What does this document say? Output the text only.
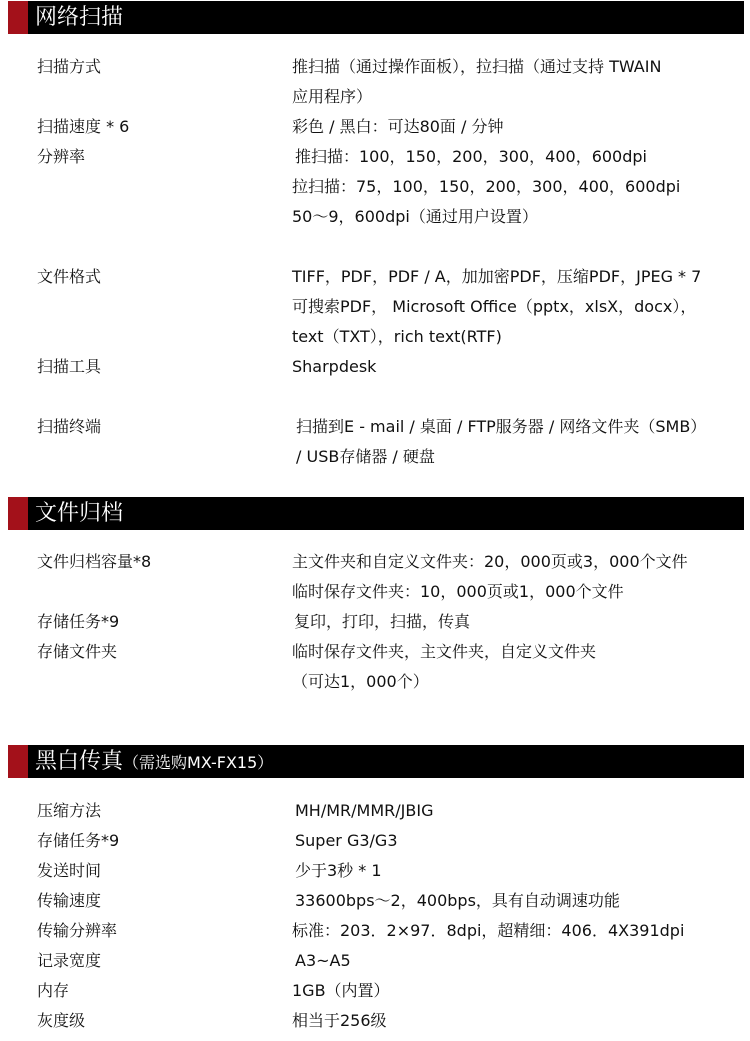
网络扫描
扫描方式	推扫描（通过操作面板），拉扫描（通过支持 TWAIN
应用程序）
扫描速度 * 6	彩色 / 黑白：可达80面 / 分钟
分辨率	推扫描：100，150，200，300，400，600dpi
拉扫描：75，100，150，200，300，400，600dpi
50～9，600dpi（通过用户设置）
文件格式	TIFF，PDF，PDF / A，加加密PDF，压缩PDF，JPEG * 7
可搜索PDF， Microsoft Office（pptx，xlsX，docx），
text（TXT），rich text(RTF)
扫描工具	Sharpdesk
扫描终端	扫描到E - mail / 桌面 / FTP服务器 / 网络文件夹（SMB）
/ USB存储器 / 硬盘
文件归档
文件归档容量*8	主文件夹和自定义文件夹：20，000页或3，000个文件
临时保存文件夹：10，000页或1，000个文件
存储任务*9	复印，打印，扫描，传真
存储文件夹	临时保存文件夹，主文件夹，自定义文件夹
（可达1，000个）
黑白传真（需选购MX-FX15）
压缩方法	MH/MR/MMR/JBIG
存储任务*9	Super G3/G3
发送时间	少于3秒 * 1
传输速度	33600bps～2，400bps，具有自动调速功能
传输分辨率	标准：203．2×97．8dpi，超精细：406．4X391dpi
记录宽度	A3~A5
内存	1GB（内置）
灰度级	相当于256级
